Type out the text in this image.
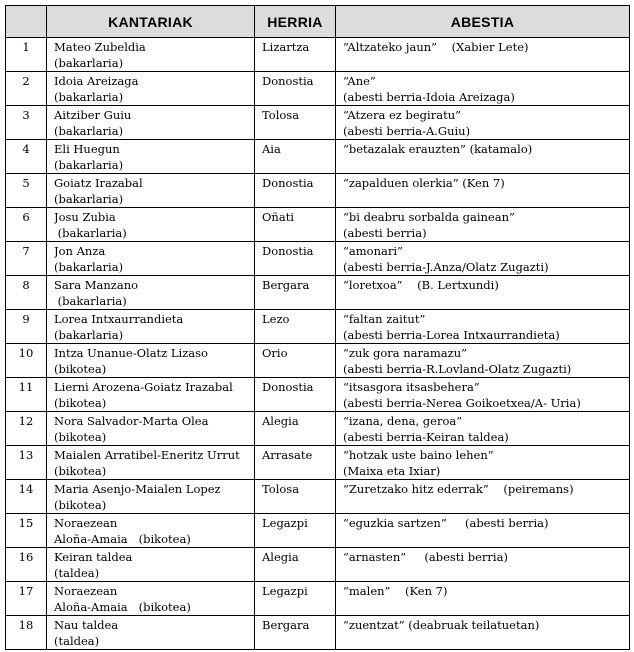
	KANTARIAK	HERRIA	ABESTIA

1	Mateo Zubeldia
(bakarlaria)	Lizartza	“Altzateko jaun”    (Xabier Lete)

2	Idoia Areizaga
(bakarlaria)	Donostia	“Ane”
(abesti berria-Idoia Areizaga)

3	Aitziber Guiu
(bakarlaria)	Tolosa	“Atzera ez begiratu”
(abesti berria-A.Guiu)

4	Eli Huegun
(bakarlaria)	Aia	“betazalak erauzten” (katamalo)

5	Goiatz Irazabal
(bakarlaria)	Donostia	“zapalduen olerkia” (Ken 7)

6	Josu Zubia
(bakarlaria)	Oñati	“bi deabru sorbalda gainean”
(abesti berria)

7	Jon Anza
(bakarlaria)	Donostia	“amonari”
(abesti berria-J.Anza/Olatz Zugazti)

8	Sara Manzano
(bakarlaria)	Bergara	“loretxoa”    (B. Lertxundi)

9	Lorea Intxaurrandieta
(bakarlaria)	Lezo	“faltan zaitut”
(abesti berria-Lorea Intxaurrandieta)

10	Intza Unanue-Olatz Lizaso
(bikotea)	Orio	“zuk gora naramazu”
(abesti berria-R.Lovland-Olatz Zugazti)

11	Lierni Arozena-Goiatz Irazabal
(bikotea)	Donostia	“itsasgora itsasbehera”
(abesti berria-Nerea Goikoetxea/A- Uria)

12	Nora Salvador-Marta Olea
(bikotea)	Alegia	“izana, dena, geroa”
(abesti berria-Keiran taldea)

13	Maialen Arratibel-Eneritz Urrut
(bikotea)	Arrasate	“hotzak uste baino lehen”
(Maixa eta Ixiar)

14	Maria Asenjo-Maialen Lopez
(bikotea)	Tolosa	“Zuretzako hitz ederrak”    (peiremans)

15	Noraezean
Aloña-Amaia   (bikotea)	Legazpi	“eguzkia sartzen”     (abesti berria)

16	Keiran taldea
(taldea)	Alegia	“arnasten”     (abesti berria)

17	Noraezean
Aloña-Amaia   (bikotea)	Legazpi	“malen”    (Ken 7)

18	Nau taldea
(taldea)	Bergara	“zuentzat” (deabruak teilatuetan)
